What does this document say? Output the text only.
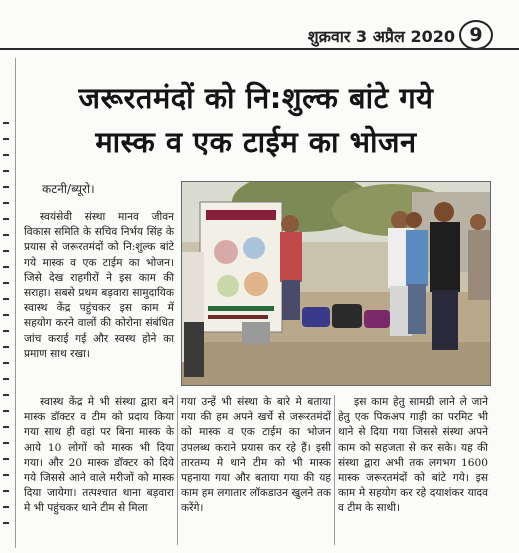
शुक्रवार 3 अप्रैल 2020 9
जरूरतमंदों को नि:शुल्क बांटे गये
मास्क व एक टाईम का भोजन
कटनी/ब्यूरो।

स्वयंसेवी संस्था मानव जीवन विकास समिति के सचिव निर्भय सिंह के प्रयास से जरूरतमंदों को नि:शुल्क बांटे गये मास्क व एक टाईम का भोजन। जिसे देख राहगीरों ने इस काम की सराहा। सबसे प्रथम बड़वारा सामुदायिक स्वास्थ केंद्र पहुंचकर इस काम में सहयोग करने वालों की कोरोना संबंधित जांच कराई गई और स्वस्थ होने का प्रमाण साथ रखा।

स्वास्थ केंद्र मे भी संस्था द्वारा बने मास्क डॉक्टर व टीम को प्रदाय किया गया साथ ही वहां पर बिना मास्क के आये 10 लोगों को मास्क भी दिया गया। और 20 मास्क डॉक्टर को दिये गये जिससे आने वाले मरीजों को मास्क दिया जायेगा। तत्पश्चात थाना बड़वारा मे भी पहुंचकर थाने टीम से मिला

गया उन्हें भी संस्था के बारे मे बताया गया की हम अपने खर्चे से जरूरतमंदों को मास्क व एक टाईम का भोजन उपलब्ध कराने प्रयास कर रहे हैं। इसी तारतम्य मे थाने टीम को भी मास्क पहनाया गया और बताया गया की यह काम हम लगातार लॉकडाउन खुलने तक करेंगे।

इस काम हेतु सामग्री लाने ले जाने हेतु एक पिकअप गाड़ी का परमिट भी थाने से दिया गया जिससे संस्था अपने काम को सहजता से कर सके। यह की संस्था द्वारा अभी तक लगभग 1600 मास्क जरूरतमंदों को बांटे गये। इस काम मे सहयोग कर रहे दयाशंकर यादव व टीम के साथी।
